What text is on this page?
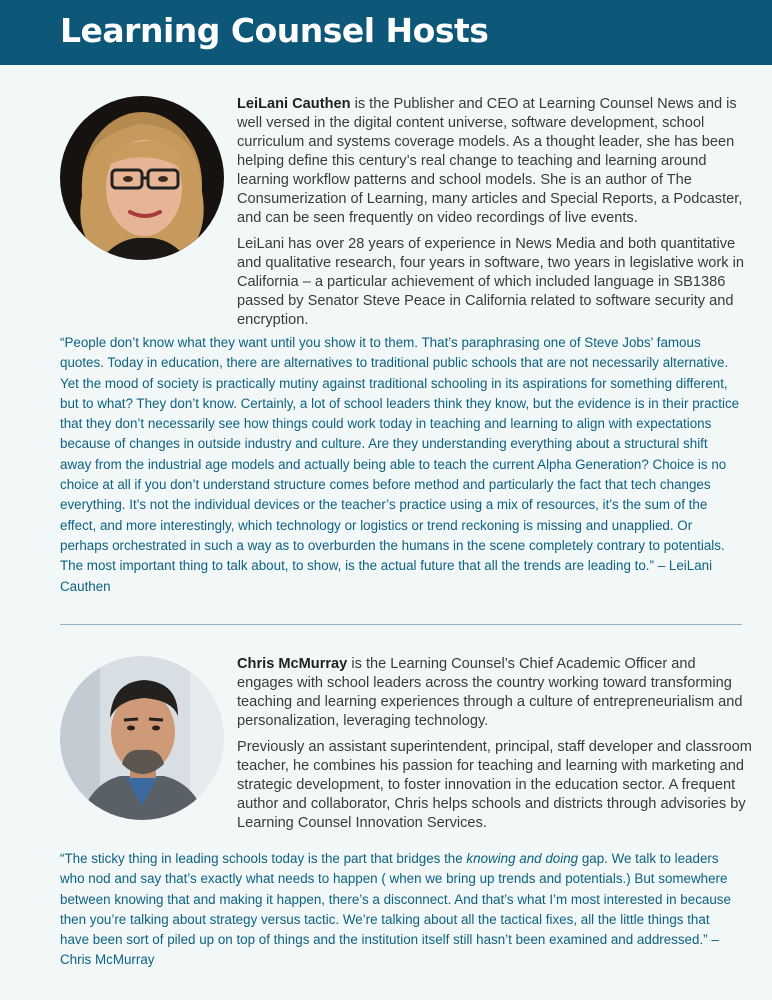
Learning Counsel Hosts

LeiLani Cauthen is the Publisher and CEO at Learning Counsel News and is well versed in the digital content universe, software development, school curriculum and systems coverage models. As a thought leader, she has been helping define this century’s real change to teaching and learning around learning workflow patterns and school models. She is an author of The Consumerization of Learning, many articles and Special Reports, a Podcaster, and can be seen frequently on video recordings of live events.

LeiLani has over 28 years of experience in News Media and both quantitative and qualitative research, four years in software, two years in legislative work in California – a particular achievement of which included language in SB1386 passed by Senator Steve Peace in California related to software security and encryption.

“People don’t know what they want until you show it to them. That’s paraphrasing one of Steve Jobs’ famous quotes. Today in education, there are alternatives to traditional public schools that are not necessarily alternative. Yet the mood of society is practically mutiny against traditional schooling in its aspirations for something different, but to what? They don’t know. Certainly, a lot of school leaders think they know, but the evidence is in their practice that they don’t necessarily see how things could work today in teaching and learning to align with expectations because of changes in outside industry and culture. Are they understanding everything about a structural shift away from the industrial age models and actually being able to teach the current Alpha Generation? Choice is no choice at all if you don’t understand structure comes before method and particularly the fact that tech changes everything. It’s not the individual devices or the teacher’s practice using a mix of resources, it’s the sum of the effect, and more interestingly, which technology or logistics or trend reckoning is missing and unapplied. Or perhaps orchestrated in such a way as to overburden the humans in the scene completely contrary to potentials. The most important thing to talk about, to show, is the actual future that all the trends are leading to.” – LeiLani Cauthen

Chris McMurray is the Learning Counsel’s Chief Academic Officer and engages with school leaders across the country working toward transforming teaching and learning experiences through a culture of entrepreneurialism and personalization, leveraging technology.

Previously an assistant superintendent, principal, staff developer and classroom teacher, he combines his passion for teaching and learning with marketing and strategic development, to foster innovation in the education sector. A frequent author and collaborator, Chris helps schools and districts through advisories by Learning Counsel Innovation Services.

“The sticky thing in leading schools today is the part that bridges the knowing and doing gap. We talk to leaders who nod and say that’s exactly what needs to happen ( when we bring up trends and potentials.) But somewhere between knowing that and making it happen, there’s a disconnect. And that’s what I’m most interested in because then you’re talking about strategy versus tactic. We’re talking about all the tactical fixes, all the little things that have been sort of piled up on top of things and the institution itself still hasn’t been examined and addressed.” – Chris McMurray
